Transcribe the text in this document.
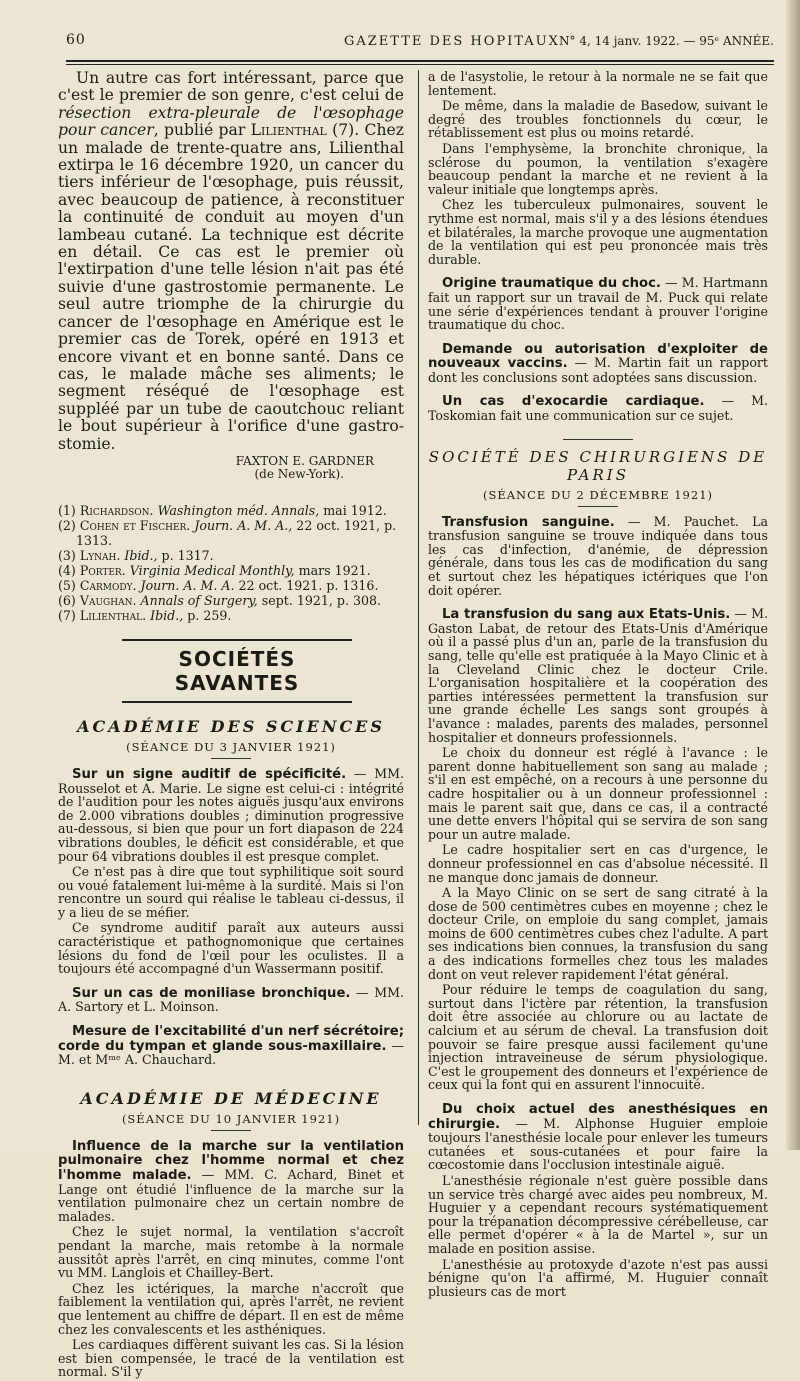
60	GAZETTE DES HOPITAUX N° 4, 14 janv. 1922. — 95ᵉ ANNÉE.

Un autre cas fort intéressant, parce que c'est le premier de son genre, c'est celui de résection extra-pleurale de l'œsophage pour cancer, publié par Lilienthal (7). Chez un malade de trente-quatre ans, Lilienthal extirpa le 16 décembre 1920, un cancer du tiers inférieur de l'œsophage, puis réussit, avec beaucoup de patience, à reconstituer la continuité de conduit au moyen d'un lambeau cutané. La technique est décrite en détail. Ce cas est le premier où l'extirpation d'une telle lésion n'ait pas été suivie d'une gastrostomie permanente. Le seul autre triomphe de la chirurgie du cancer de l'œsophage en Amérique est le premier cas de Torek, opéré en 1913 et encore vivant et en bonne santé. Dans ce cas, le malade mâche ses aliments; le segment réséqué de l'œsophage est suppléé par un tube de caoutchouc reliant le bout supérieur à l'orifice d'une gastro-stomie.

FAXTON E. GARDNER
(de New-York).
(1) Richardson. Washington méd. Annals, mai 1912.
(2) Cohen et Fischer. Journ. A. M. A., 22 oct. 1921, p. 1313.
(3) Lynah. Ibid., p. 1317.
(4) Porter. Virginia Medical Monthly, mars 1921.
(5) Carmody. Journ. A. M. A. 22 oct. 1921. p. 1316.
(6) Vaughan. Annals of Surgery, sept. 1921, p. 308.
(7) Lilienthal. Ibid., p. 259.
SOCIÉTÉS SAVANTES
ACADÉMIE DES SCIENCES
(SÉANCE DU 3 JANVIER 1921)

Sur un signe auditif de spécificité. — MM. Rousselot et A. Marie. Le signe est celui-ci : intégrité de l'audition pour les notes aiguës jusqu'aux environs de 2.000 vibrations doubles ; diminution progressive au-dessous, si bien que pour un fort diapason de 224 vibrations doubles, le déficit est considérable, et que pour 64 vibrations doubles il est presque complet.

Ce n'est pas à dire que tout syphilitique soit sourd ou voué fatalement lui-même à la surdité. Mais si l'on rencontre un sourd qui réalise le tableau ci-dessus, il y a lieu de se méfier.

Ce syndrome auditif paraît aux auteurs aussi caractéristique et pathognomonique que certaines lésions du fond de l'œil pour les oculistes. Il a toujours été accompagné d'un Wassermann positif.

Sur un cas de moniliase bronchique. — MM. A. Sartory et L. Moinson.

Mesure de l'excitabilité d'un nerf sécrétoire; corde du tympan et glande sous-maxillaire. — M. et Mᵐᵉ A. Chauchard.

ACADÉMIE DE MÉDECINE
(SÉANCE DU 10 JANVIER 1921)

Influence de la marche sur la ventilation pulmonaire chez l'homme normal et chez l'homme malade. — MM. C. Achard, Binet et Lange ont étudié l'influence de la marche sur la ventilation pulmonaire chez un certain nombre de malades.

Chez le sujet normal, la ventilation s'accroît pendant la marche, mais retombe à la normale aussitôt après l'arrêt, en cinq minutes, comme l'ont vu MM. Langlois et Chailley-Bert.

Chez les ictériques, la marche n'accroît que faiblement la ventilation qui, après l'arrêt, ne revient que lentement au chiffre de départ. Il en est de même chez les convalescents et les asthéniques.

Les cardiaques diffèrent suivant les cas. Si la lésion est bien compensée, le tracé de la ventilation est normal. S'il y

a de l'asystolie, le retour à la normale ne se fait que lentement.

De même, dans la maladie de Basedow, suivant le degré des troubles fonctionnels du cœur, le rétablissement est plus ou moins retardé.

Dans l'emphysème, la bronchite chronique, la sclérose du poumon, la ventilation s'exagère beaucoup pendant la marche et ne revient à la valeur initiale que longtemps après.

Chez les tuberculeux pulmonaires, souvent le rythme est normal, mais s'il y a des lésions étendues et bilatérales, la marche provoque une augmentation de la ventilation qui est peu prononcée mais très durable.

Origine traumatique du choc. — M. Hartmann fait un rapport sur un travail de M. Puck qui relate une série d'expériences tendant à prouver l'origine traumatique du choc.

Demande ou autorisation d'exploiter de nouveaux vaccins. — M. Martin fait un rapport dont les conclusions sont adoptées sans discussion.

Un cas d'exocardie cardiaque. — M. Toskomian fait une communication sur ce sujet.

SOCIÉTÉ DES CHIRURGIENS DE PARIS
(SÉANCE DU 2 DÉCEMBRE 1921)

Transfusion sanguine. — M. Pauchet. La transfusion sanguine se trouve indiquée dans tous les cas d'infection, d'anémie, de dépression générale, dans tous les cas de modification du sang et surtout chez les hépatiques ictériques que l'on doit opérer.

La transfusion du sang aux Etats-Unis. — M. Gaston Labat, de retour des Etats-Unis d'Amérique où il a passé plus d'un an, parle de la transfusion du sang, telle qu'elle est pratiquée à la Mayo Clinic et à la Cleveland Clinic chez le docteur Crile. L'organisation hospitalière et la coopération des parties intéressées permettent la transfusion sur une grande échelle Les sangs sont groupés à l'avance : malades, parents des malades, personnel hospitalier et donneurs professionnels.

Le choix du donneur est réglé à l'avance : le parent donne habituellement son sang au malade ; s'il en est empêché, on a recours à une personne du cadre hospitalier ou à un donneur professionnel : mais le parent sait que, dans ce cas, il a contracté une dette envers l'hôpital qui se servira de son sang pour un autre malade.

Le cadre hospitalier sert en cas d'urgence, le donneur professionnel en cas d'absolue nécessité. Il ne manque donc jamais de donneur.

A la Mayo Clinic on se sert de sang citraté à la dose de 500 centimètres cubes en moyenne ; chez le docteur Crile, on emploie du sang complet, jamais moins de 600 centimètres cubes chez l'adulte. A part ses indications bien connues, la transfusion du sang a des indications formelles chez tous les malades dont on veut relever rapidement l'état général.

Pour réduire le temps de coagulation du sang, surtout dans l'ictère par rétention, la transfusion doit être associée au chlorure ou au lactate de calcium et au sérum de cheval. La transfusion doit pouvoir se faire presque aussi facilement qu'une injection intraveineuse de sérum physiologique. C'est le groupement des donneurs et l'expérience de ceux qui la font qui en assurent l'innocuité.

Du choix actuel des anesthésiques en chirurgie. — M. Alphonse Huguier emploie toujours l'anesthésie locale pour enlever les tumeurs cutanées et sous-cutanées et pour faire la cœcostomie dans l'occlusion intestinale aiguë.

L'anesthésie régionale n'est guère possible dans un service très chargé avec aides peu nombreux, M. Huguier y a cependant recours systématiquement pour la trépanation décompressive cérébelleuse, car elle permet d'opérer « à la de Martel », sur un malade en position assise.

L'anesthésie au protoxyde d'azote n'est pas aussi bénigne qu'on l'a affirmé, M. Huguier connaît plusieurs cas de mort
